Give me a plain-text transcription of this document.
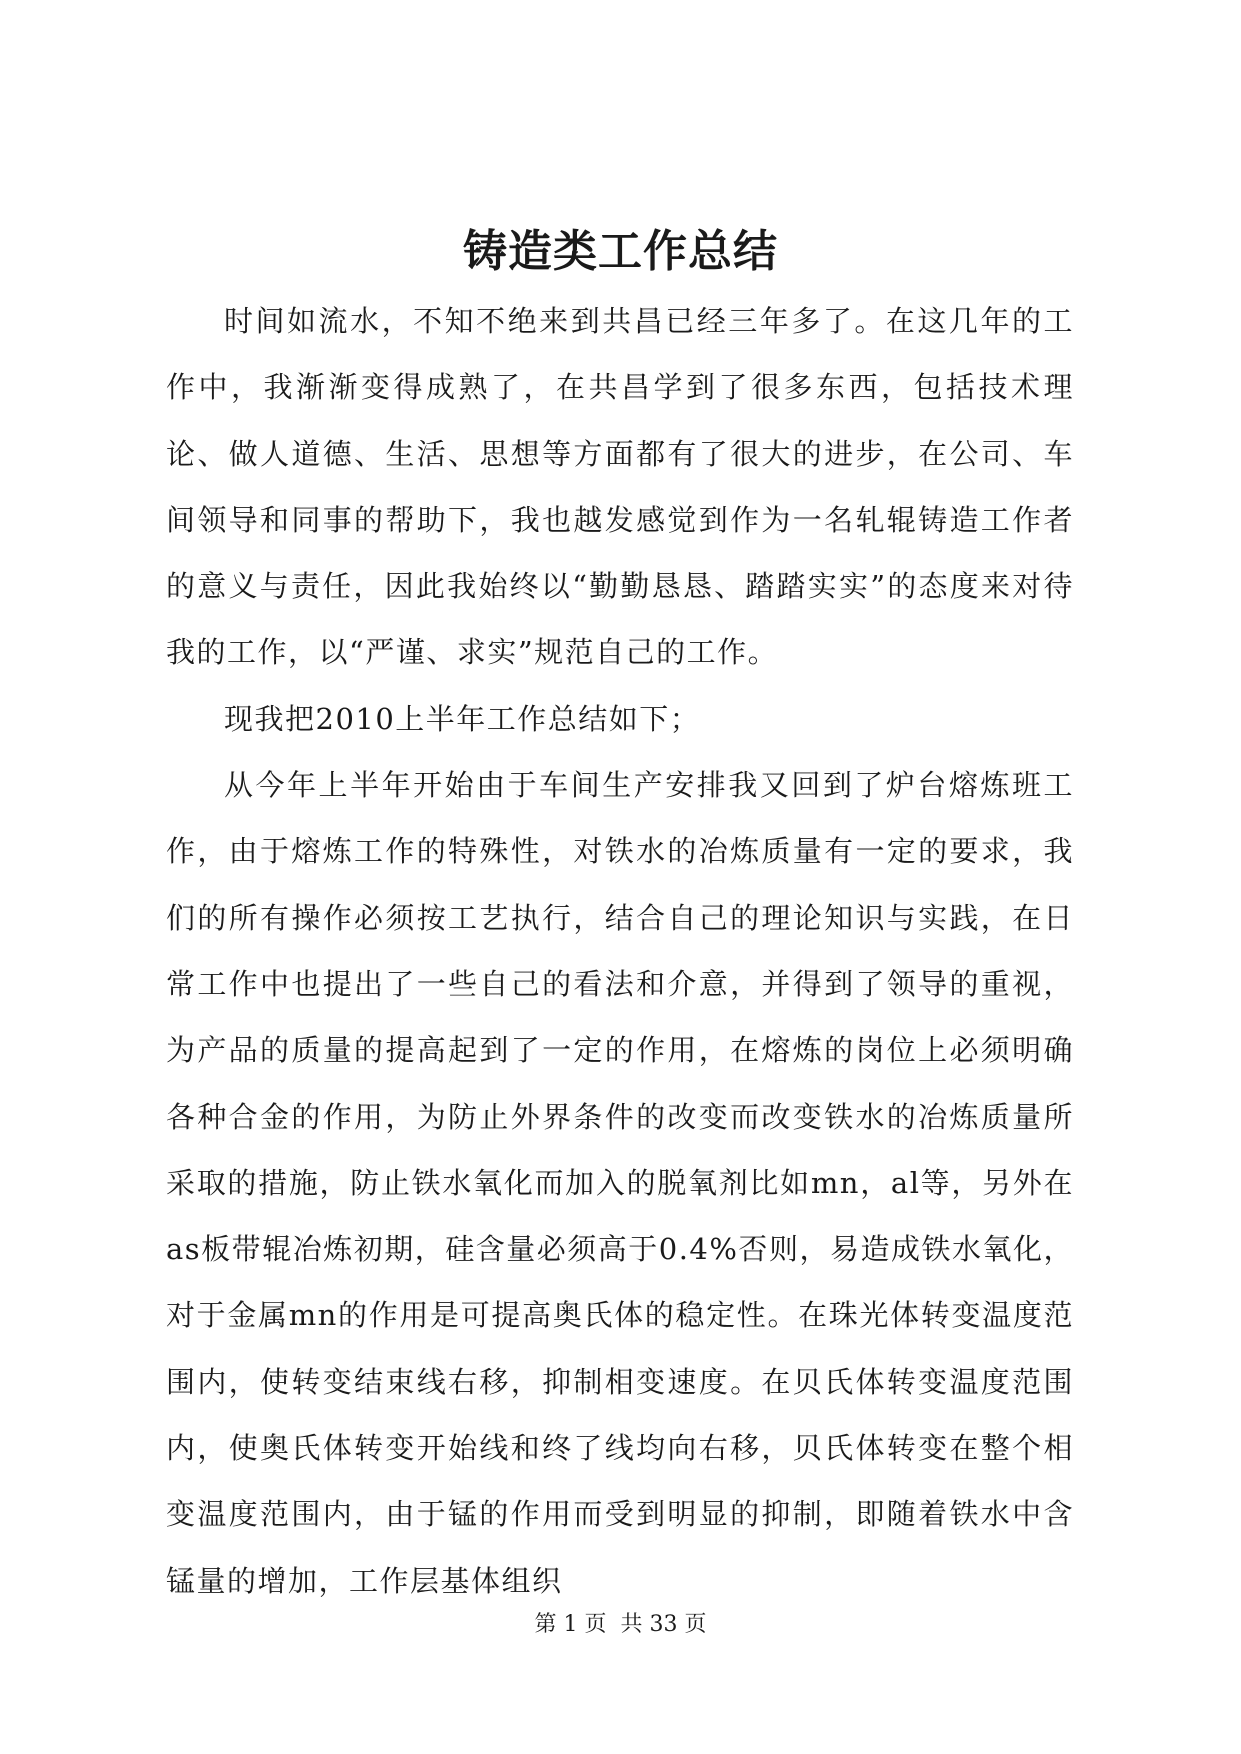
铸造类工作总结

时间如流水，不知不绝来到共昌已经三年多了。在这几年的工作中，我渐渐变得成熟了，在共昌学到了很多东西，包括技术理论、做人道德、生活、思想等方面都有了很大的进步，在公司、车间领导和同事的帮助下，我也越发感觉到作为一名轧辊铸造工作者的意义与责任，因此我始终以“勤勤恳恳、踏踏实实”的态度来对待我的工作，以“严谨、求实”规范自己的工作。

现我把2010上半年工作总结如下；

从今年上半年开始由于车间生产安排我又回到了炉台熔炼班工作，由于熔炼工作的特殊性，对铁水的冶炼质量有一定的要求，我们的所有操作必须按工艺执行，结合自己的理论知识与实践，在日常工作中也提出了一些自己的看法和介意，并得到了领导的重视，为产品的质量的提高起到了一定的作用，在熔炼的岗位上必须明确各种合金的作用，为防止外界条件的改变而改变铁水的冶炼质量所采取的措施，防止铁水氧化而加入的脱氧剂比如mn，al等，另外在as板带辊冶炼初期，硅含量必须高于0.4%否则，易造成铁水氧化，对于金属mn的作用是可提高奥氏体的稳定性。在珠光体转变温度范围内，使转变结束线右移，抑制相变速度。在贝氏体转变温度范围内，使奥氏体转变开始线和终了线均向右移，贝氏体转变在整个相变温度范围内，由于锰的作用而受到明显的抑制，即随着铁水中含锰量的增加，工作层基体组织

第 1 页  共 33 页
